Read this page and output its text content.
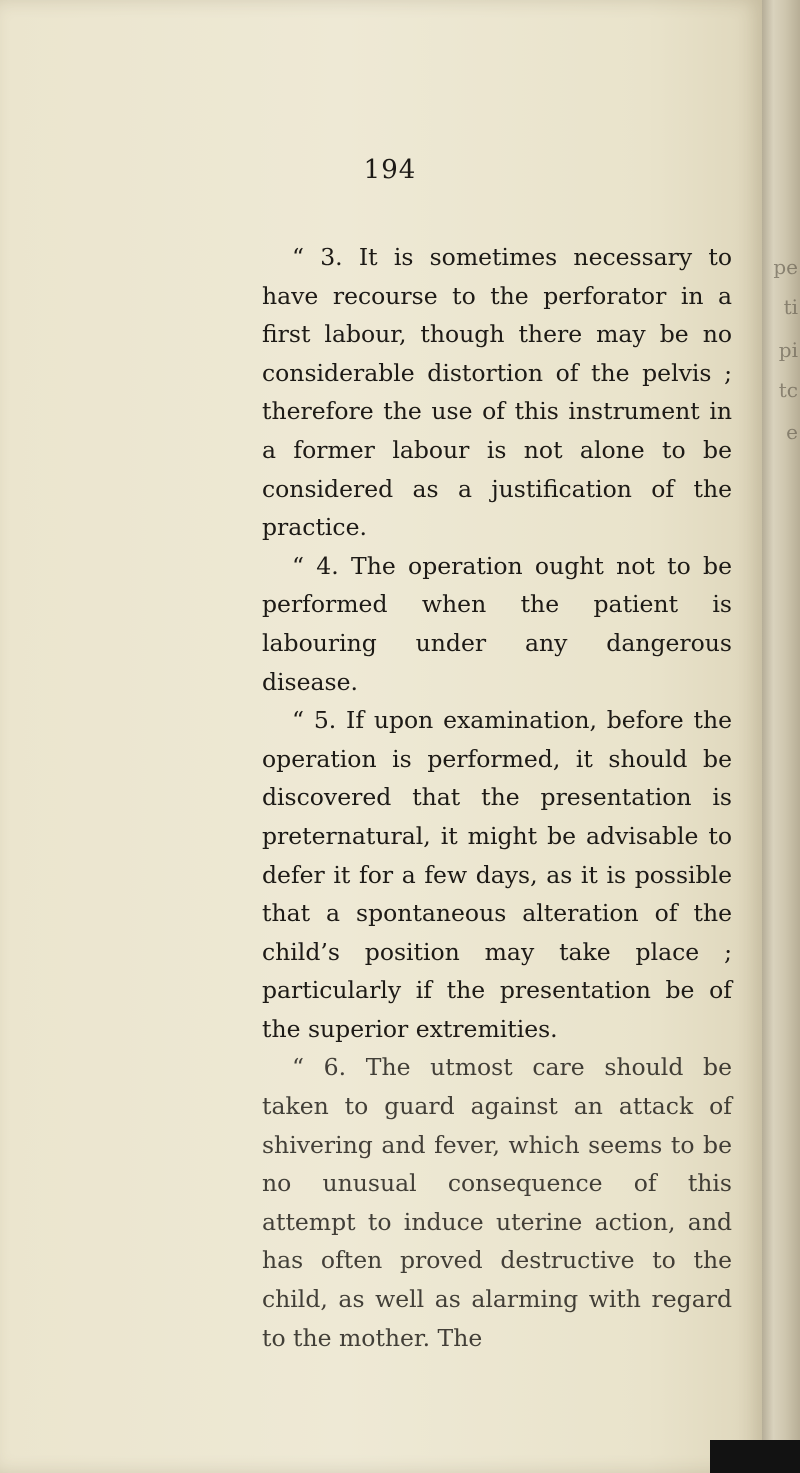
194

“ 3. It is sometimes necessary to have recourse to the perforator in a first labour, though there may be no considerable distortion of the pelvis ; therefore the use of this instrument in a former labour is not alone to be considered as a justification of the practice.

“ 4. The operation ought not to be performed when the patient is labouring under any dangerous disease.

“ 5. If upon examination, before the operation is performed, it should be discovered that the presentation is preternatural, it might be advisable to defer it for a few days, as it is possible that a spontaneous alteration of the child’s position may take place ; particularly if the presentation be of the superior extremities.

“ 6. The utmost care should be taken to guard against an attack of shivering and fever, which seems to be no unusual consequence of this attempt to induce uterine action, and has often proved destructive to the child, as well as alarming with regard to the mother. The

pe
ti
pi
tc
e
